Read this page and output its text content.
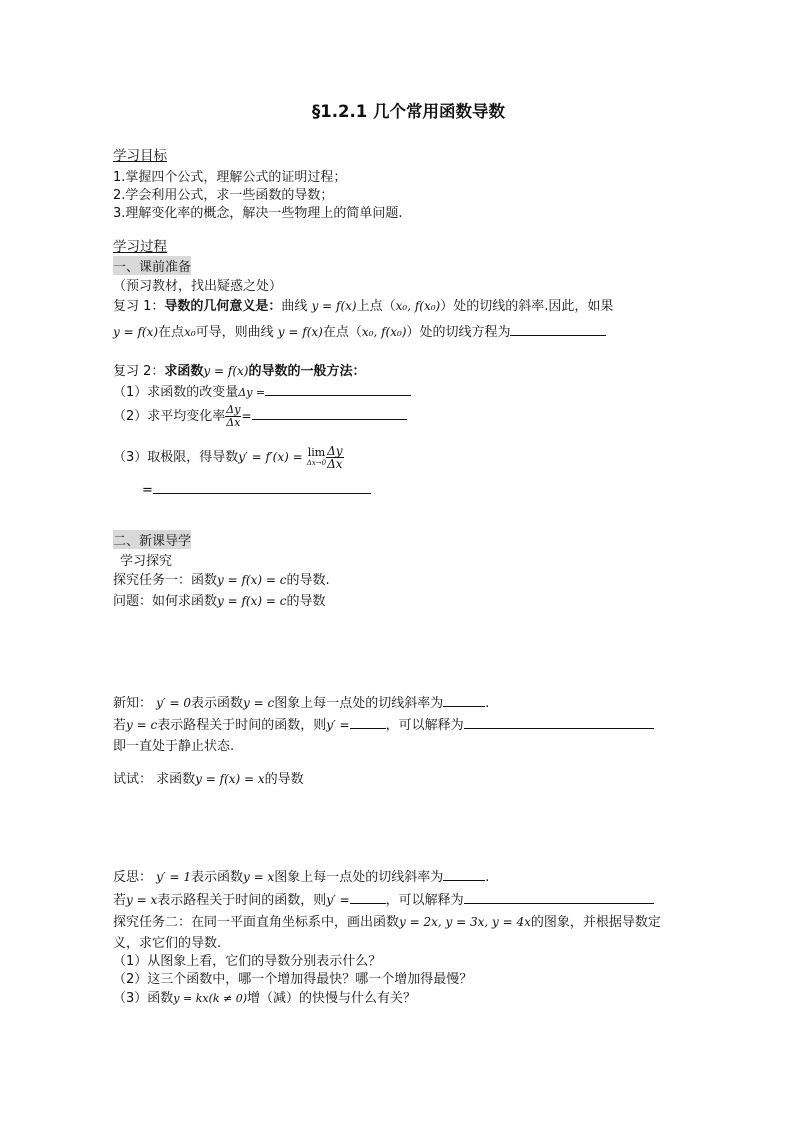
§1.2.1 几个常用函数导数
学习目标
1.掌握四个公式，理解公式的证明过程；
2.学会利用公式，求一些函数的导数；
3.理解变化率的概念，解决一些物理上的简单问题.
学习过程
一、课前准备
（预习教材，找出疑惑之处）
复习 1：导数的几何意义是：曲线 y = f(x)上点（x₀, f(x₀)）处的切线的斜率.因此，如果
y = f(x)在点x₀可导，则曲线 y = f(x)在点（x₀, f(x₀)）处的切线方程为
复习 2：求函数y = f(x)的导数的一般方法：
（1）求函数的改变量Δy =
（2）求平均变化率 $\frac{\Delta y}{\Delta x}$ =
（3）取极限，得导数y′ = f′(x) = lim
$\Delta x\to 0 \frac{\Delta y}{\Delta x}$
=
二、新课导学
学习探究
探究任务一：函数y = f(x) = c的导数.
问题：如何求函数y = f(x) = c的导数
新知： y′ = 0表示函数y = c图象上每一点处的切线斜率为	.
若y = c表示路程关于时间的函数，则y′ =	，可以解释为
即一直处于静止状态.
试试： 求函数y = f(x) = x的导数
反思： y′ = 1表示函数y = x图象上每一点处的切线斜率为	.
若y = x表示路程关于时间的函数，则y′ =	，可以解释为
探究任务二：在同一平面直角坐标系中，画出函数y = 2x, y = 3x, y = 4x的图象，并根据导数定
义，求它们的导数.
（1）从图象上看，它们的导数分别表示什么？
（2）这三个函数中，哪一个增加得最快？哪一个增加得最慢？
（3）函数y = kx(k ≠ 0)增（减）的快慢与什么有关？
